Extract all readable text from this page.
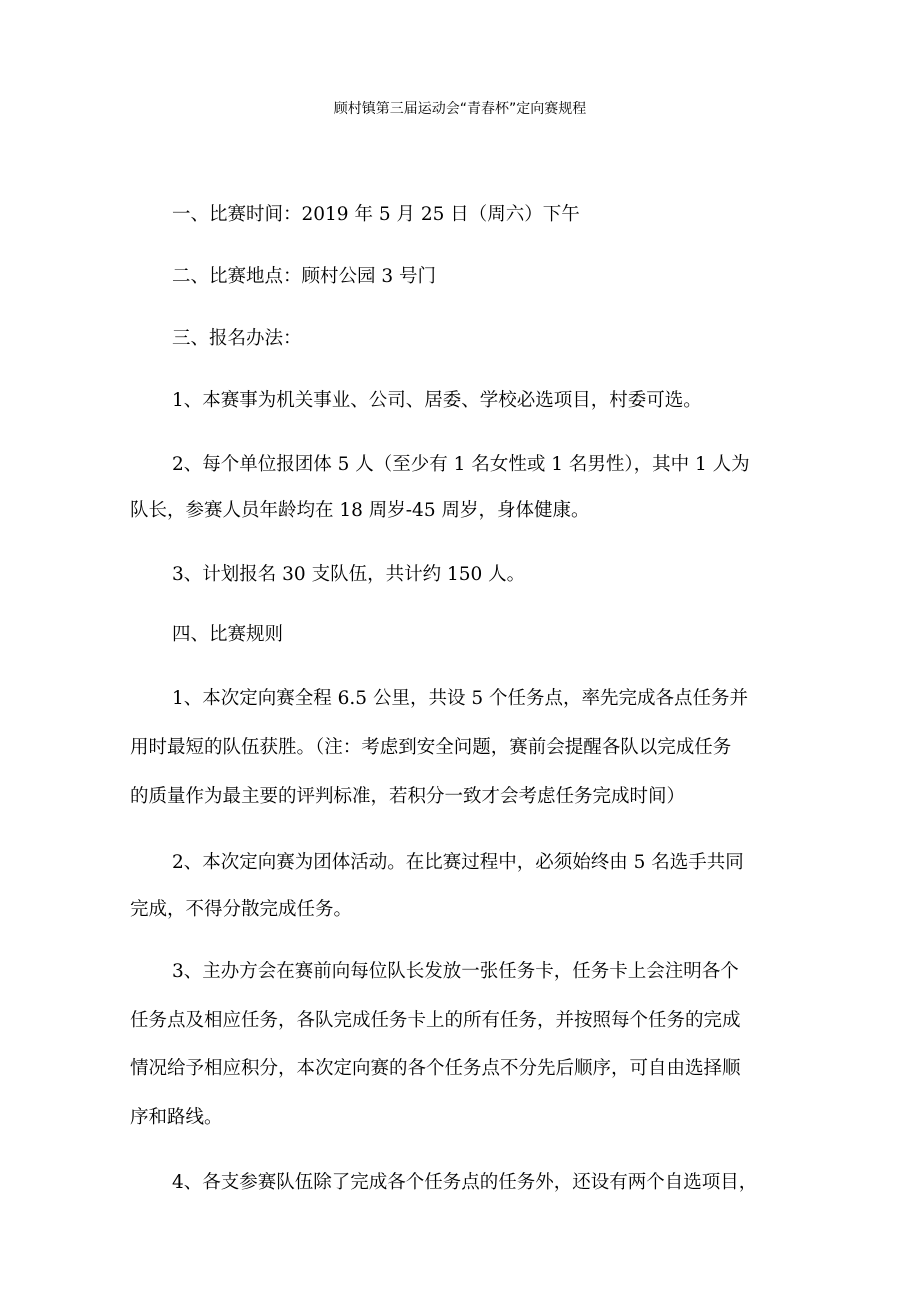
顾村镇第三届运动会“青春杯”定向赛规程
一、比赛时间：2019 年 5 月 25 日（周六）下午
二、比赛地点：顾村公园 3 号门
三、报名办法：
1、本赛事为机关事业、公司、居委、学校必选项目，村委可选。
2、每个单位报团体 5 人（至少有 1 名女性或 1 名男性），其中 1 人为
队长，参赛人员年龄均在 18 周岁-45 周岁，身体健康。
3、计划报名 30 支队伍，共计约 150 人。
四、比赛规则
1、本次定向赛全程 6.5 公里，共设 5 个任务点，率先完成各点任务并
用时最短的队伍获胜。（注：考虑到安全问题，赛前会提醒各队以完成任务
的质量作为最主要的评判标准，若积分一致才会考虑任务完成时间）
2、本次定向赛为团体活动。在比赛过程中，必须始终由 5 名选手共同
完成，不得分散完成任务。
3、主办方会在赛前向每位队长发放一张任务卡，任务卡上会注明各个
任务点及相应任务，各队完成任务卡上的所有任务，并按照每个任务的完成
情况给予相应积分，本次定向赛的各个任务点不分先后顺序，可自由选择顺
序和路线。
4、各支参赛队伍除了完成各个任务点的任务外，还设有两个自选项目，
